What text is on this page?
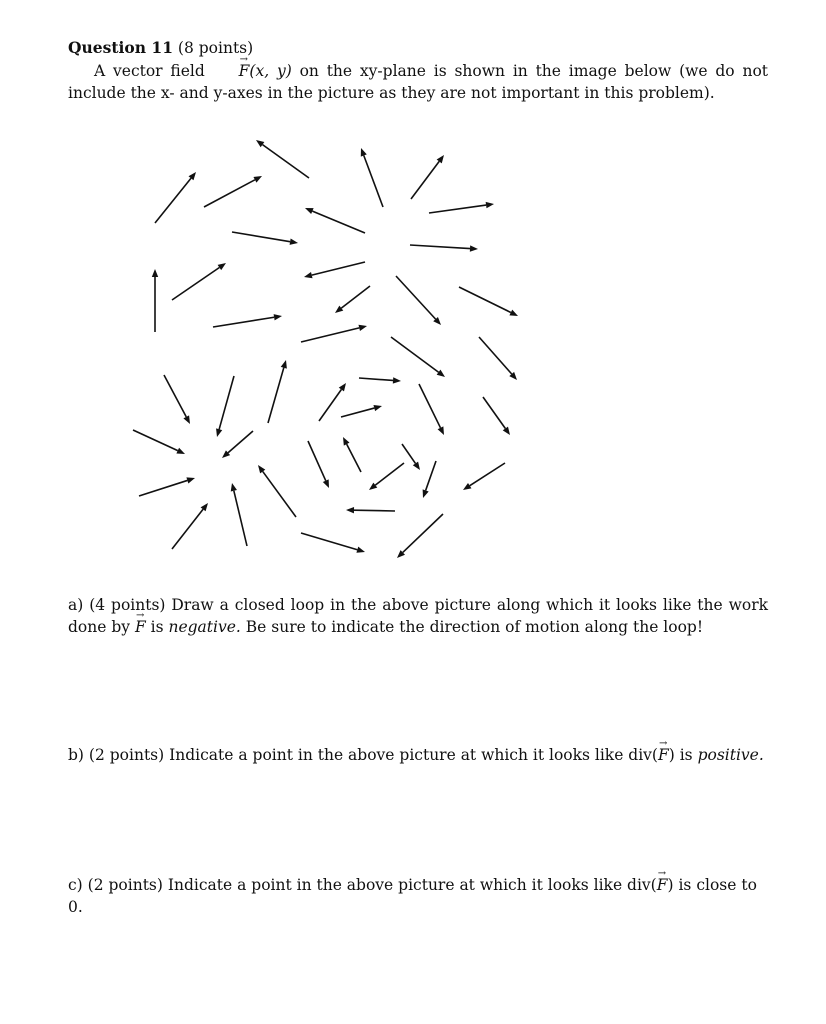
Question 11 (8 points)
A vector field → F(x, y) on the xy-plane is shown in the image below (we do not include the x- and y-axes in the picture as they are not important in this problem).
a) (4 points) Draw a closed loop in the above picture along which it looks like the work done by → F is negative. Be sure to indicate the direction of motion along the loop!
b) (2 points) Indicate a point in the above picture at which it looks like div(→ F) is positive.
c) (2 points) Indicate a point in the above picture at which it looks like div(→ F) is close to 0.
